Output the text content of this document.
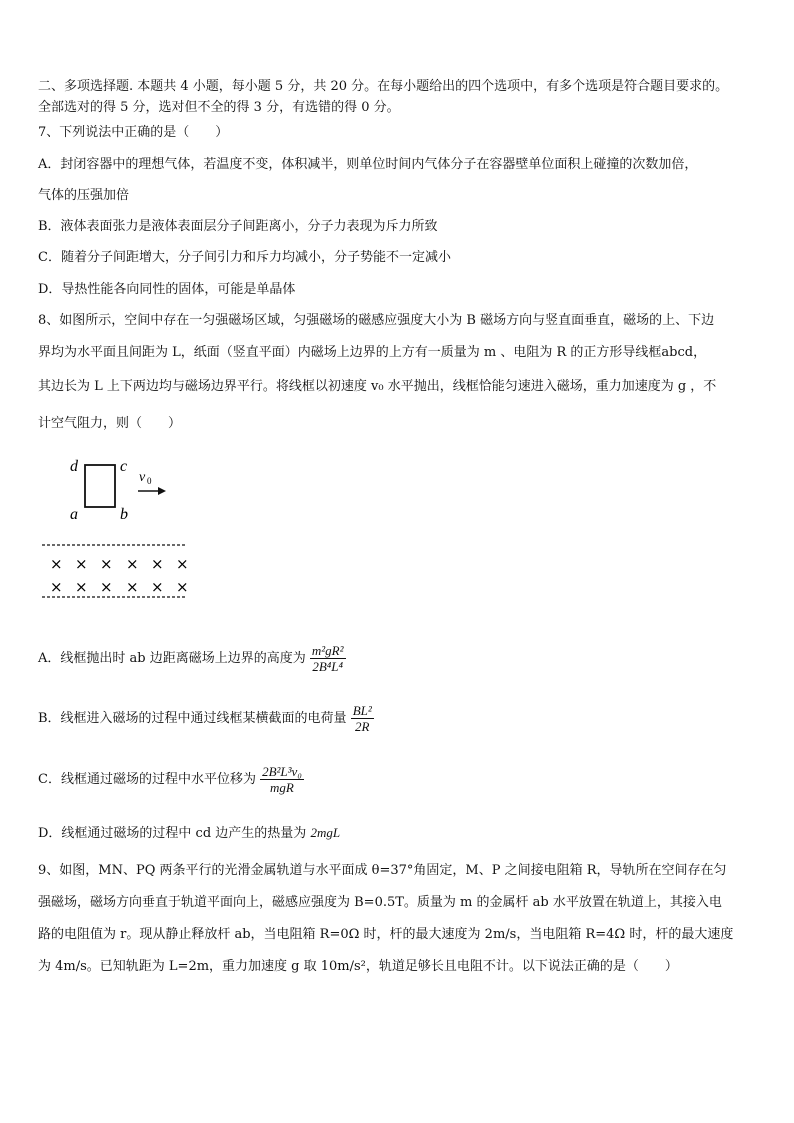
二、多项选择题. 本题共 4 小题，每小题 5 分，共 20 分。在每小题给出的四个选项中，有多个选项是符合题目要求的。
全部选对的得 5 分，选对但不全的得 3 分，有选错的得 0 分。
7、下列说法中正确的是（　　）
A．封闭容器中的理想气体，若温度不变，体积减半，则单位时间内气体分子在容器壁单位面积上碰撞的次数加倍，
气体的压强加倍
B．液体表面张力是液体表面层分子间距离小，分子力表现为斥力所致
C．随着分子间距增大，分子间引力和斥力均减小，分子势能不一定减小
D．导热性能各向同性的固体，可能是单晶体
8、如图所示，空间中存在一匀强磁场区域，匀强磁场的磁感应强度大小为 B 磁场方向与竖直面垂直，磁场的上、下边
界均为水平面且间距为 L，纸面（竖直平面）内磁场上边界的上方有一质量为 m 、电阻为 R 的正方形导线框abcd，
其边长为 L 上下两边均与磁场边界平行。将线框以初速度 v₀ 水平抛出，线框恰能匀速进入磁场，重力加速度为 g ，不
计空气阻力，则（　　）
d	c
a	b
v 0
× × × × × ×
× × × × × ×
A．线框抛出时 ab 边距离磁场上边界的高度为 $\frac{\text{m²gR²}}{\text{2B⁴L⁴}}$
B．线框进入磁场的过程中通过线框某横截面的电荷量 $\frac{\text{BL²}}{2R}$
C．线框通过磁场的过程中水平位移为 $\frac{\text{2B²L³v₀}}{\text{mgR}}$
D．线框通过磁场的过程中 cd 边产生的热量为 2mgL
9、如图，MN、PQ 两条平行的光滑金属轨道与水平面成 θ=37°角固定，M、P 之间接电阻箱 R，导轨所在空间存在匀
强磁场，磁场方向垂直于轨道平面向上，磁感应强度为 B=0.5T。质量为 m 的金属杆 ab 水平放置在轨道上，其接入电
路的电阻值为 r。现从静止释放杆 ab，当电阻箱 R=0Ω 时，杆的最大速度为 2m/s，当电阻箱 R=4Ω 时，杆的最大速度
为 4m/s。已知轨距为 L=2m，重力加速度 g 取 10m/s²，轨道足够长且电阻不计。以下说法正确的是（　　）
